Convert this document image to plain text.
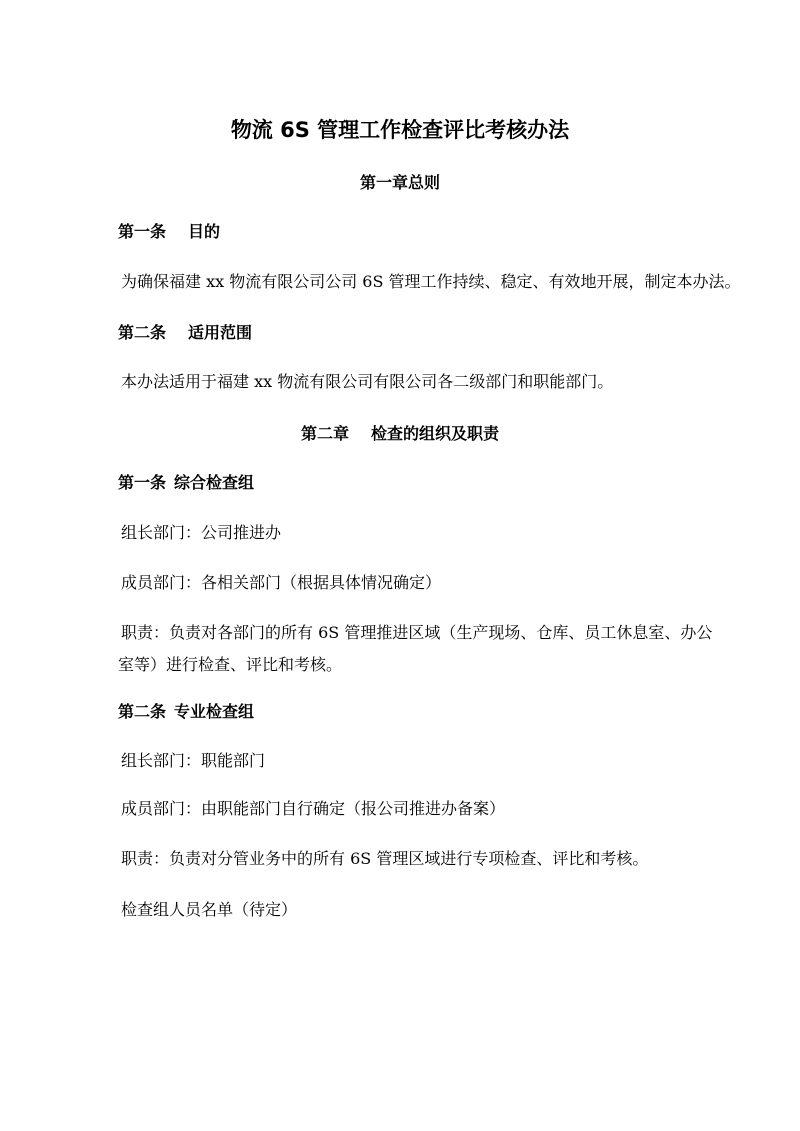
物流 6S 管理工作检查评比考核办法
第一章总则
第一条 目的
为确保福建 xx 物流有限公司公司 6S 管理工作持续、稳定、有效地开展，制定本办法。
第二条 适用范围
本办法适用于福建 xx 物流有限公司有限公司各二级部门和职能部门。
第二章 检查的组织及职责
第一条 综合检查组
组长部门：公司推进办
成员部门：各相关部门（根据具体情况确定）
职责：负责对各部门的所有 6S 管理推进区域（生产现场、仓库、员工休息室、办公室等）进行检查、评比和考核。
第二条 专业检查组
组长部门：职能部门
成员部门：由职能部门自行确定（报公司推进办备案）
职责：负责对分管业务中的所有 6S 管理区域进行专项检查、评比和考核。
检查组人员名单（待定）
